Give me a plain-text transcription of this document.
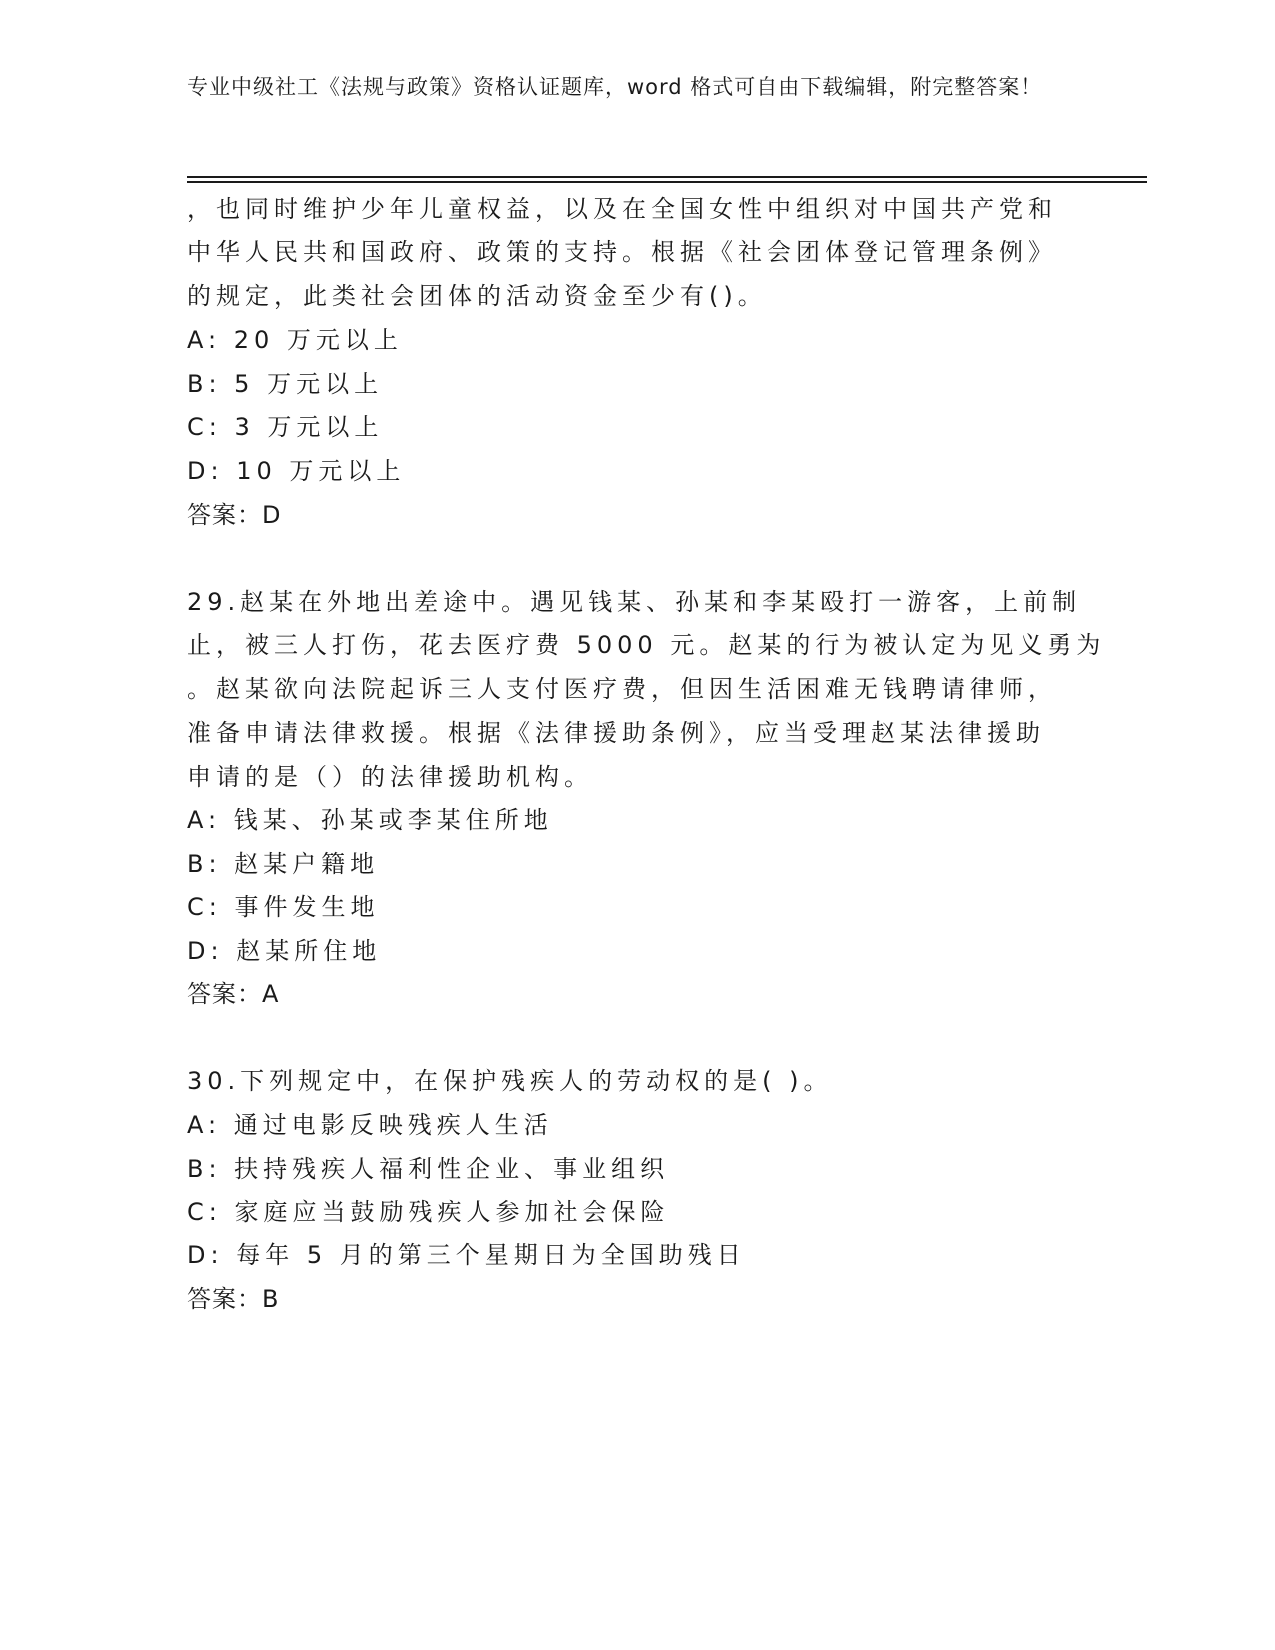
专业中级社工《法规与政策》资格认证题库，word 格式可自由下载编辑，附完整答案！
，也同时维护少年儿童权益，以及在全国女性中组织对中国共产党和
中华人民共和国政府、政策的支持。根据《社会团体登记管理条例》
的规定，此类社会团体的活动资金至少有()。
A: 20 万元以上
B: 5 万元以上
C: 3 万元以上
D: 10 万元以上
答案：D
29.赵某在外地出差途中。遇见钱某、孙某和李某殴打一游客，上前制
止，被三人打伤，花去医疗费 5000 元。赵某的行为被认定为见义勇为
。赵某欲向法院起诉三人支付医疗费，但因生活困难无钱聘请律师，
准备申请法律救援。根据《法律援助条例》，应当受理赵某法律援助
申请的是（）的法律援助机构。
A: 钱某、孙某或李某住所地
B: 赵某户籍地
C: 事件发生地
D: 赵某所住地
答案：A
30.下列规定中，在保护残疾人的劳动权的是( )。
A: 通过电影反映残疾人生活
B: 扶持残疾人福利性企业、事业组织
C: 家庭应当鼓励残疾人参加社会保险
D: 每年 5 月的第三个星期日为全国助残日
答案：B
